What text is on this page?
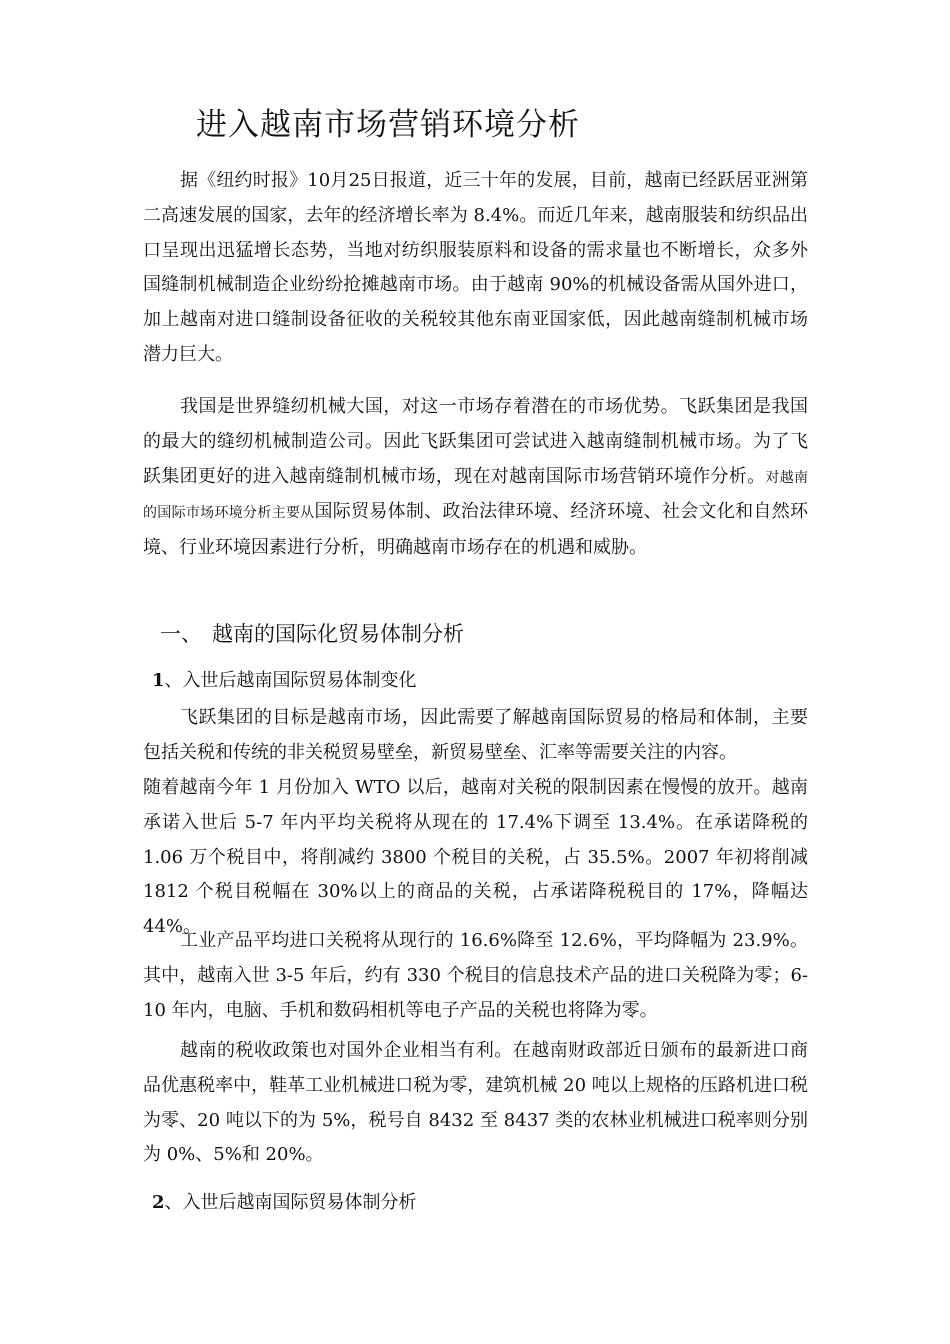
进入越南市场营销环境分析

据《纽约时报》10月25日报道，近三十年的发展，目前，越南已经跃居亚洲第二高速发展的国家，去年的经济增长率为 8.4%。而近几年来，越南服装和纺织品出口呈现出迅猛增长态势，当地对纺织服装原料和设备的需求量也不断增长，众多外国缝制机械制造企业纷纷抢摊越南市场。由于越南 90%的机械设备需从国外进口，加上越南对进口缝制设备征收的关税较其他东南亚国家低，因此越南缝制机械市场潜力巨大。

我国是世界缝纫机械大国，对这一市场存着潜在的市场优势。飞跃集团是我国的最大的缝纫机械制造公司。因此飞跃集团可尝试进入越南缝制机械市场。为了飞跃集团更好的进入越南缝制机械市场，现在对越南国际市场营销环境作分析。对越南的国际市场环境分析主要从国际贸易体制、政治法律环境、经济环境、社会文化和自然环境、行业环境因素进行分析，明确越南市场存在的机遇和威胁。

一、 越南的国际化贸易体制分析
1、入世后越南国际贸易体制变化

飞跃集团的目标是越南市场，因此需要了解越南国际贸易的格局和体制，主要包括关税和传统的非关税贸易壁垒，新贸易壁垒、汇率等需要关注的内容。

随着越南今年 1 月份加入 WTO 以后，越南对关税的限制因素在慢慢的放开。越南承诺入世后 5-7 年内平均关税将从现在的 17.4%下调至 13.4%。在承诺降税的 1.06 万个税目中，将削减约 3800 个税目的关税，占 35.5%。2007 年初将削减 1812 个税目税幅在 30%以上的商品的关税，占承诺降税税目的 17%，降幅达 44%。

工业产品平均进口关税将从现行的 16.6%降至 12.6%，平均降幅为 23.9%。其中，越南入世 3-5 年后，约有 330 个税目的信息技术产品的进口关税降为零；6-10 年内，电脑、手机和数码相机等电子产品的关税也将降为零。

越南的税收政策也对国外企业相当有利。在越南财政部近日颁布的最新进口商品优惠税率中，鞋革工业机械进口税为零，建筑机械 20 吨以上规格的压路机进口税为零、20 吨以下的为 5%，税号自 8432 至 8437 类的农林业机械进口税率则分别为 0%、5%和 20%。

2、入世后越南国际贸易体制分析
